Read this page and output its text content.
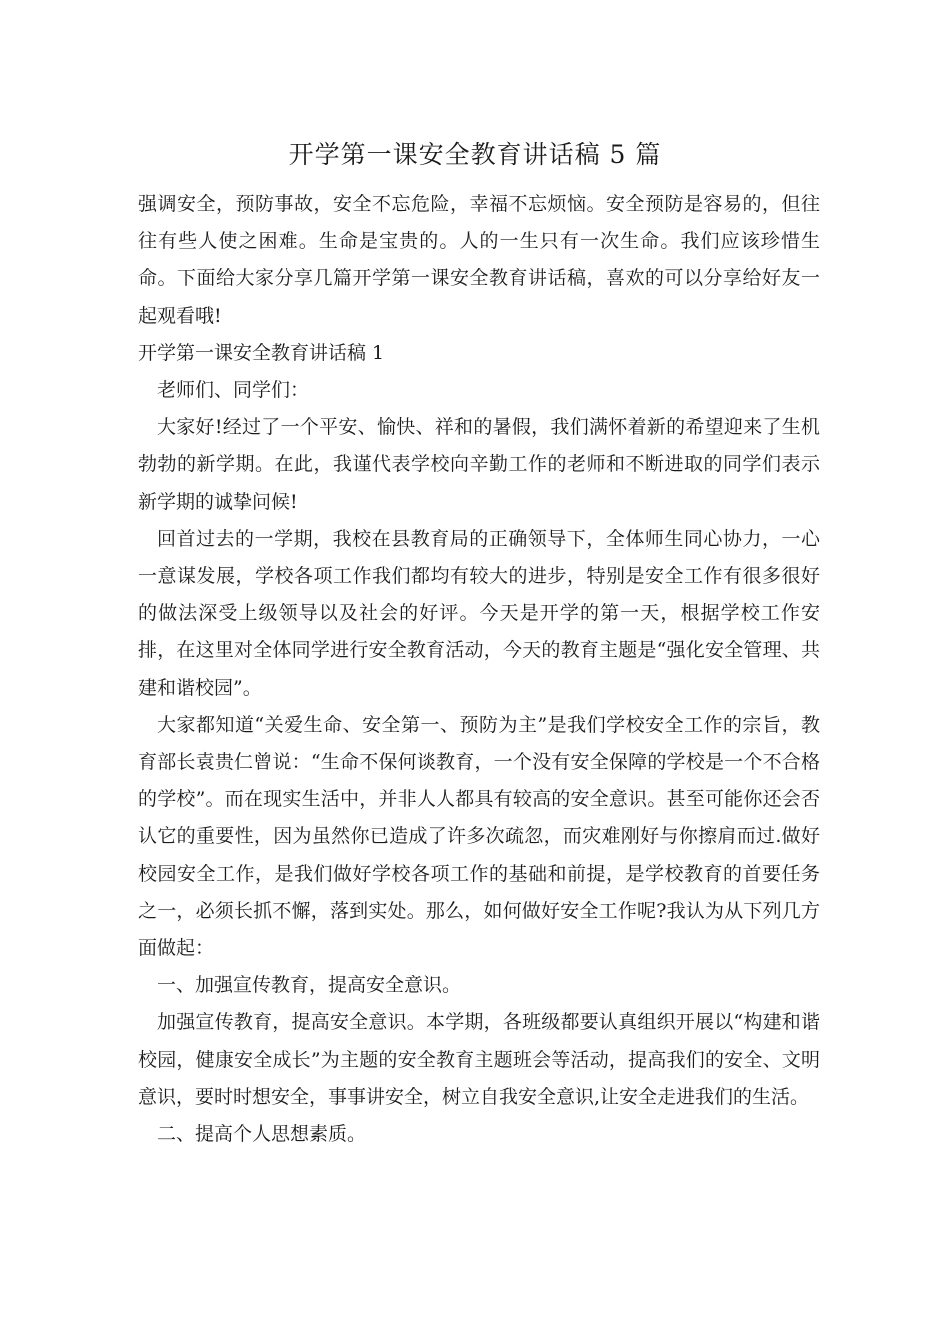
开学第一课安全教育讲话稿 5 篇

强调安全，预防事故，安全不忘危险，幸福不忘烦恼。安全预防是容易的，但往往有些人使之困难。生命是宝贵的。人的一生只有一次生命。我们应该珍惜生命。下面给大家分享几篇开学第一课安全教育讲话稿，喜欢的可以分享给好友一起观看哦!

开学第一课安全教育讲话稿 1

老师们、同学们：

大家好!经过了一个平安、愉快、祥和的暑假，我们满怀着新的希望迎来了生机勃勃的新学期。在此，我谨代表学校向辛勤工作的老师和不断进取的同学们表示新学期的诚挚问候!

回首过去的一学期，我校在县教育局的正确领导下，全体师生同心协力，一心一意谋发展，学校各项工作我们都均有较大的进步，特别是安全工作有很多很好的做法深受上级领导以及社会的好评。今天是开学的第一天，根据学校工作安排，在这里对全体同学进行安全教育活动，今天的教育主题是“强化安全管理、共建和谐校园”。

大家都知道“关爱生命、安全第一、预防为主”是我们学校安全工作的宗旨，教育部长袁贵仁曾说：“生命不保何谈教育，一个没有安全保障的学校是一个不合格的学校”。而在现实生活中，并非人人都具有较高的安全意识。甚至可能你还会否认它的重要性，因为虽然你已造成了许多次疏忽，而灾难刚好与你擦肩而过.做好校园安全工作，是我们做好学校各项工作的基础和前提，是学校教育的首要任务之一，必须长抓不懈，落到实处。那么，如何做好安全工作呢?我认为从下列几方面做起：

一、加强宣传教育，提高安全意识。

加强宣传教育，提高安全意识。本学期，各班级都要认真组织开展以“构建和谐校园，健康安全成长”为主题的安全教育主题班会等活动，提高我们的安全、文明意识，要时时想安全，事事讲安全，树立自我安全意识,让安全走进我们的生活。

二、提高个人思想素质。
